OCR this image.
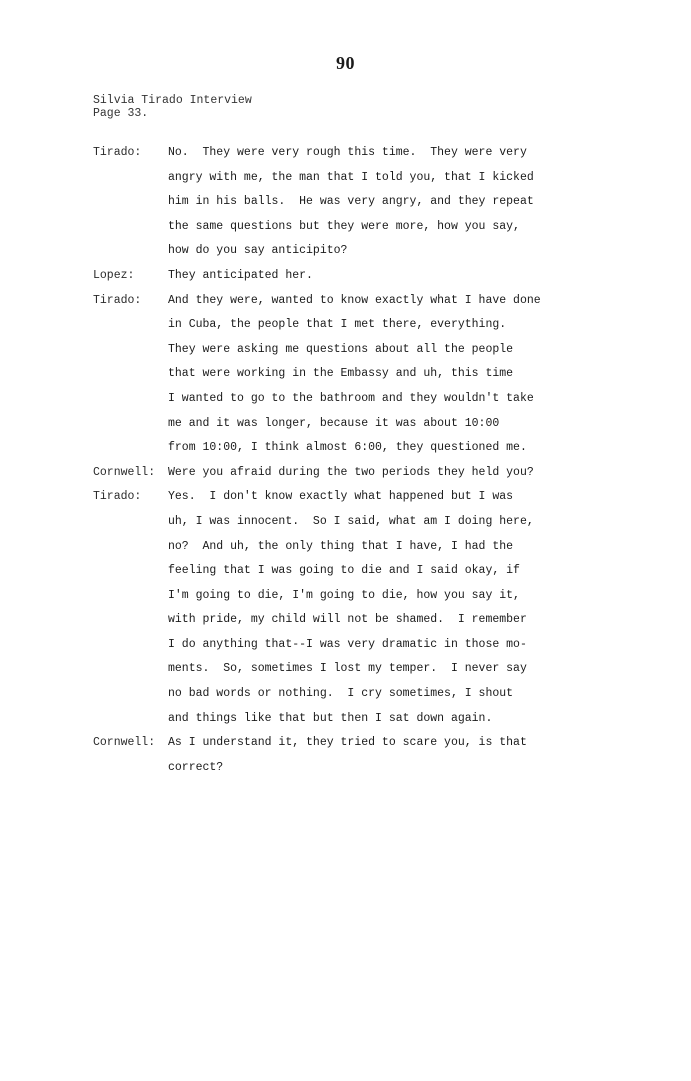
90
Silvia Tirado Interview
Page 33.
Tirado: No.  They were very rough this time.  They were very
angry with me, the man that I told you, that I kicked
him in his balls.  He was very angry, and they repeat
the same questions but they were more, how you say,
how do you say anticipito?
Lopez:	They anticipated her.
Tirado: And they were, wanted to know exactly what I have done
in Cuba, the people that I met there, everything.
They were asking me questions about all the people
that were working in the Embassy and uh, this time
I wanted to go to the bathroom and they wouldn't take
me and it was longer, because it was about 10:00
from 10:00, I think almost 6:00, they questioned me.
Cornwell: Were you afraid during the two periods they held you?
Tirado: Yes.  I don't know exactly what happened but I was
uh, I was innocent.  So I said, what am I doing here,
no?  And uh, the only thing that I have, I had the
feeling that I was going to die and I said okay, if
I'm going to die, I'm going to die, how you say it,
with pride, my child will not be shamed.  I remember
I do anything that--I was very dramatic in those mo-
ments.  So, sometimes I lost my temper.  I never say
no bad words or nothing.  I cry sometimes, I shout
and things like that but then I sat down again.
Cornwell: As I understand it, they tried to scare you, is that
correct?
